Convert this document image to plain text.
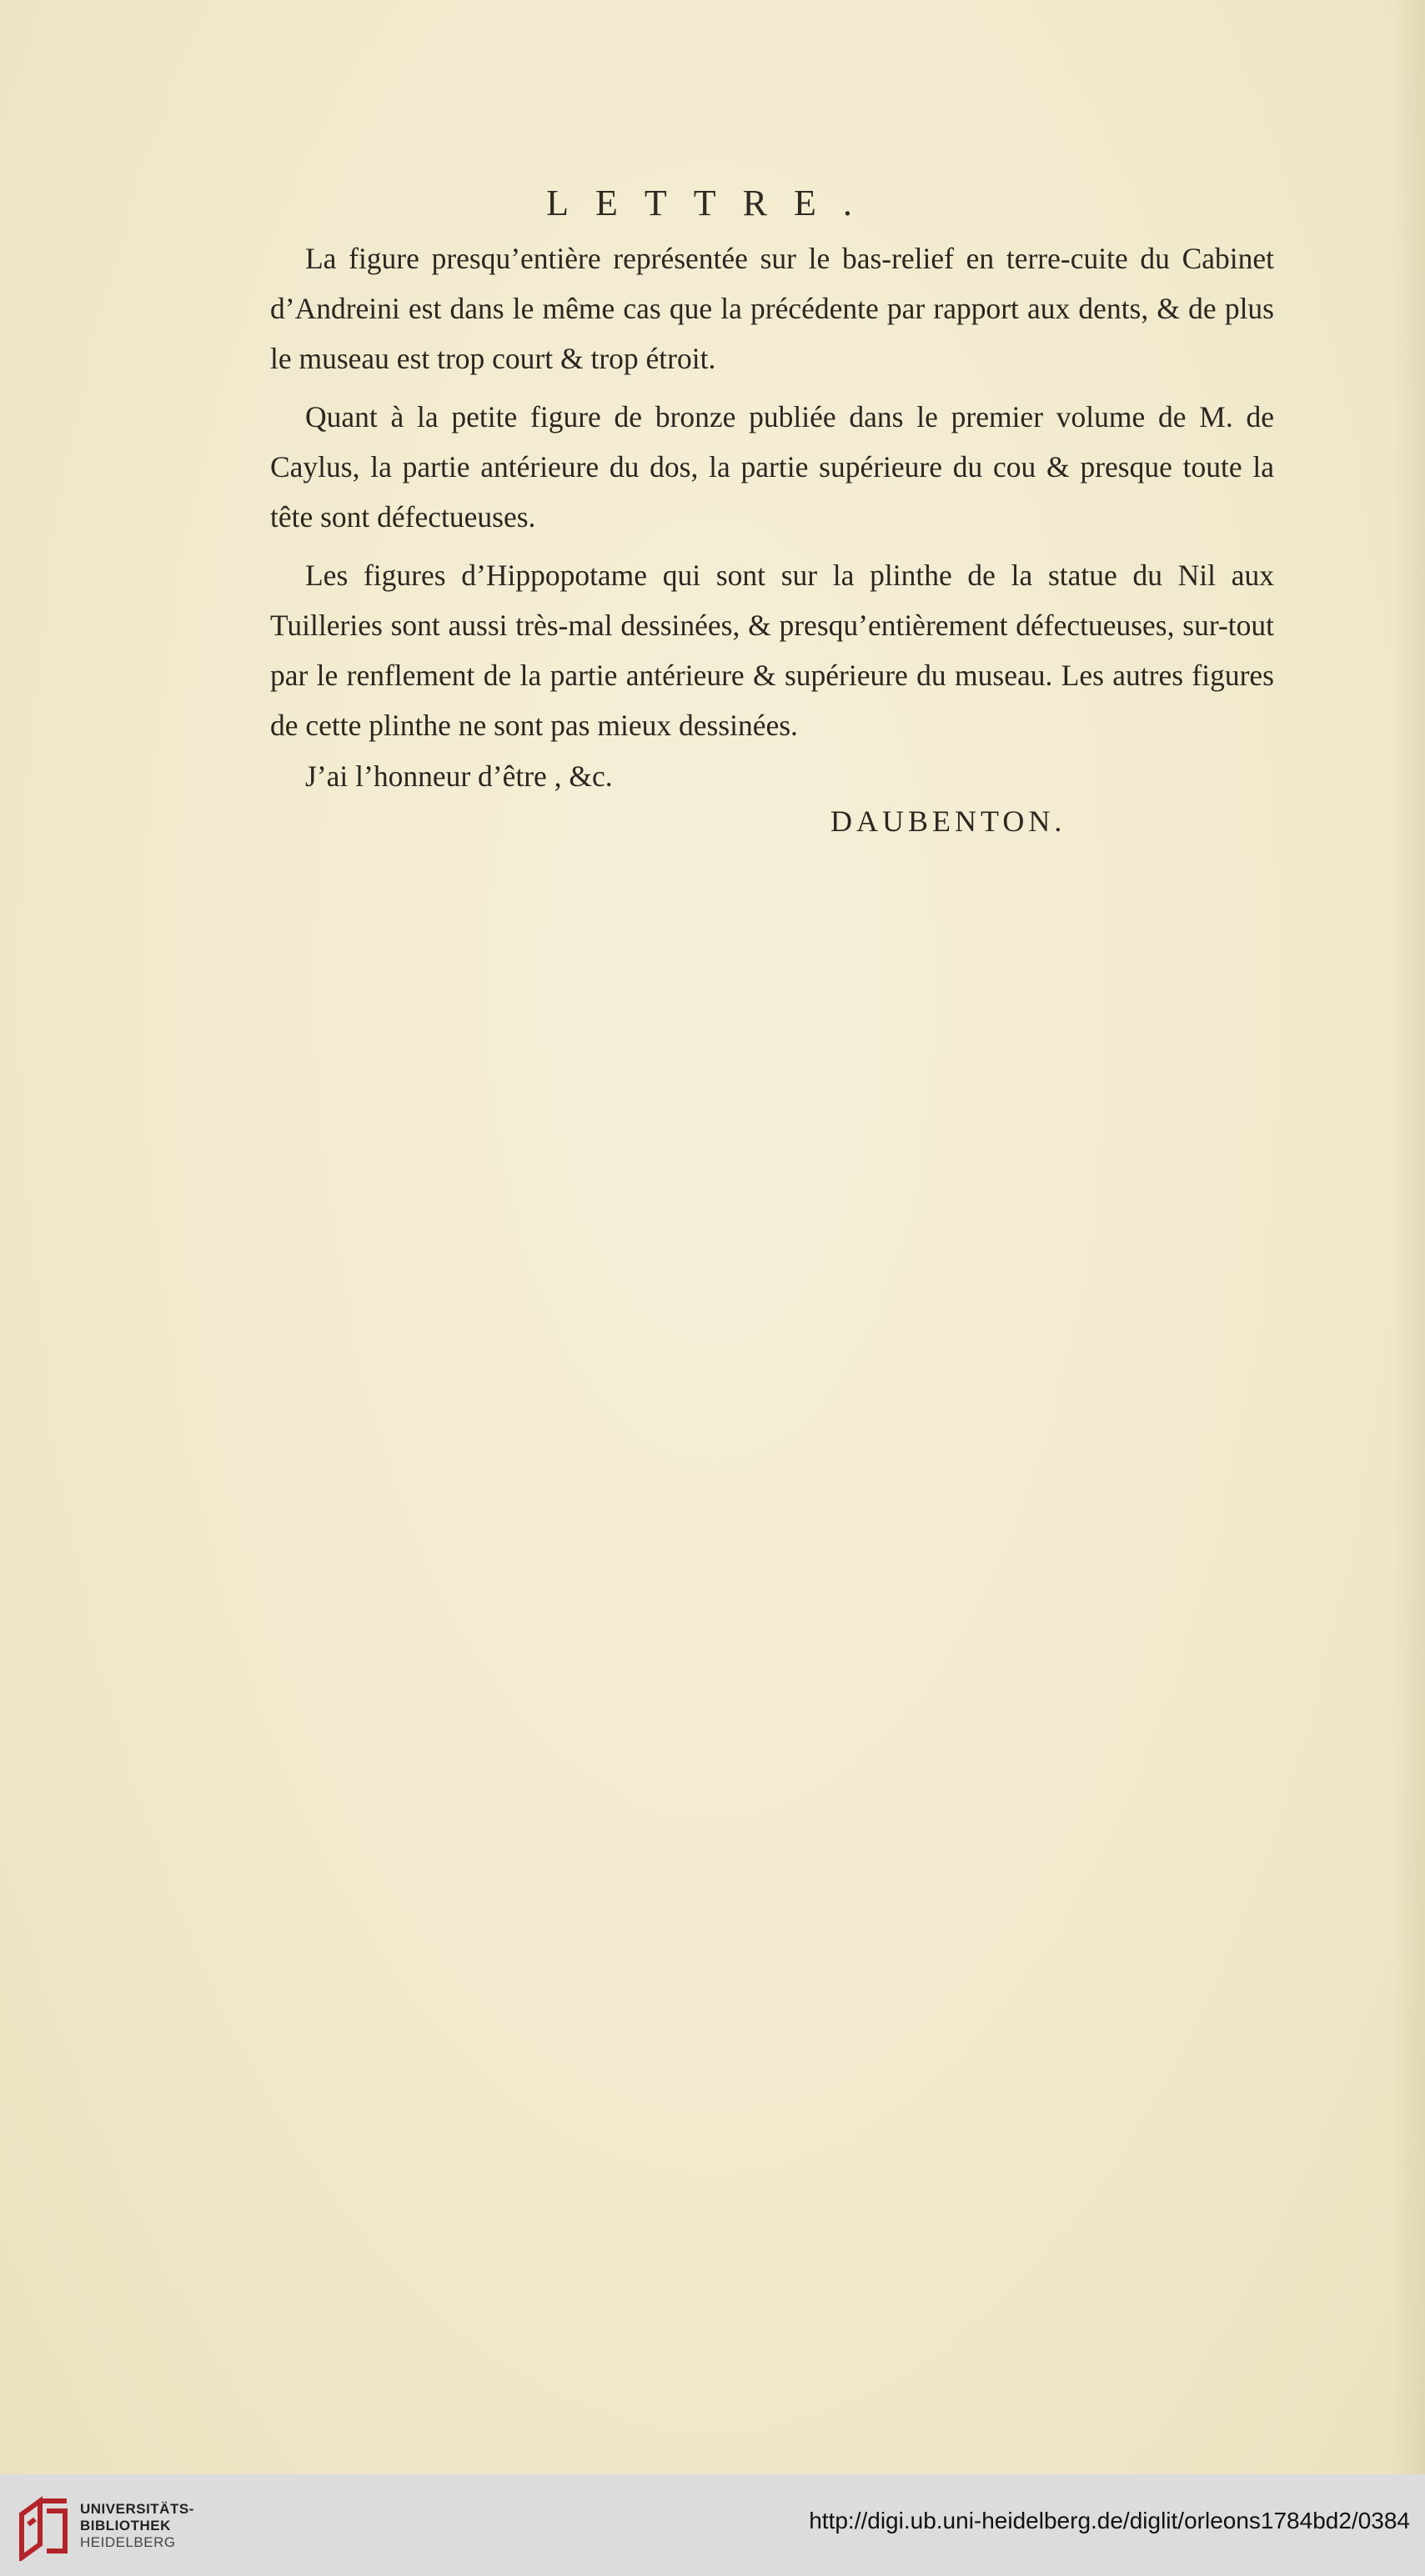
LETTRE.
La figure presqu’entière représentée sur le bas-relief en terre-cuite du Cabinet d’Andreini est dans le même cas que la précédente par rapport aux dents, & de plus le museau est trop court & trop étroit.
Quant à la petite figure de bronze publiée dans le premier volume de M. de Caylus, la partie antérieure du dos, la partie supérieure du cou & presque toute la tête sont défectueuses.
Les figures d’Hippopotame qui sont sur la plinthe de la statue du Nil aux Tuilleries sont aussi très-mal dessinées, & presqu’entièrement défectueuses, sur-tout par le renflement de la partie antérieure & supérieure du museau. Les autres figures de cette plinthe ne sont pas mieux dessinées.
J’ai l’honneur d’être , &c.
DAUBENTON.
UNIVERSITÄTS-
BIBLIOTHEK
HEIDELBERG
http://digi.ub.uni-heidelberg.de/diglit/orleons1784bd2/0384
